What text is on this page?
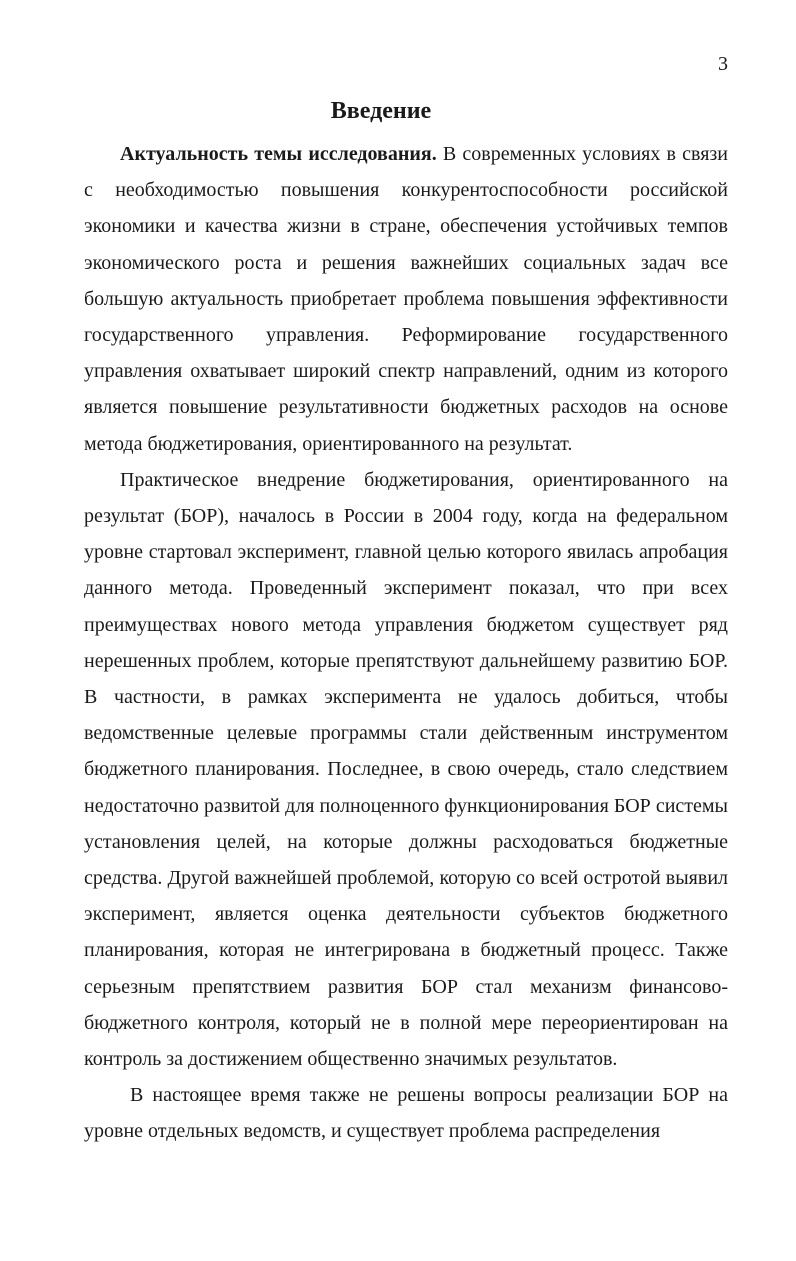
3
Введение

Актуальность темы исследования. В современных условиях в связи с необходимостью повышения конкурентоспособности российской экономики и качества жизни в стране, обеспечения устойчивых темпов экономического роста и решения важнейших социальных задач все большую актуальность приобретает проблема повышения эффективности государственного управления. Реформирование государственного управления охватывает широкий спектр направлений, одним из которого является повышение результативности бюджетных расходов на основе метода бюджетирования, ориентированного на результат.

Практическое внедрение бюджетирования, ориентированного на результат (БОР), началось в России в 2004 году, когда на федеральном уровне стартовал эксперимент, главной целью которого явилась апробация данного метода. Проведенный эксперимент показал, что при всех преимуществах нового метода управления бюджетом существует ряд нерешенных проблем, которые препятствуют дальнейшему развитию БОР. В частности, в рамках эксперимента не удалось добиться, чтобы ведомственные целевые программы стали действенным инструментом бюджетного планирования. Последнее, в свою очередь, стало следствием недостаточно развитой для полноценного функционирования БОР системы установления целей, на которые должны расходоваться бюджетные средства. Другой важнейшей проблемой, которую со всей остротой выявил эксперимент, является оценка деятельности субъектов бюджетного планирования, которая не интегрирована в бюджетный процесс. Также серьезным препятствием развития БОР стал механизм финансово-бюджетного контроля, который не в полной мере переориентирован на контроль за достижением общественно значимых результатов.

В настоящее время также не решены вопросы реализации БОР на уровне отдельных ведомств, и существует проблема распределения
